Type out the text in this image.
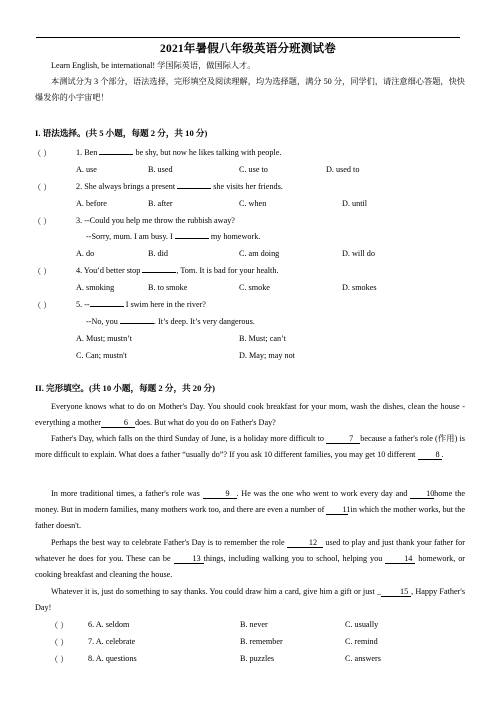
2021年暑假八年级英语分班测试卷
Learn English, be international! 学国际英语，做国际人才。
本测试分为 3 个部分，语法选择，完形填空及阅读理解，均为选择题，满分 50 分，同学们，请注意细心答题，快快爆发你的小宇宙吧！
I. 语法选择。(共 5 小题，每题 2 分，共 10 分)
（ ）	1. Ben	be shy, but now he likes talking with people.
A. use	B. used	C. use to	D. used to
（ ）	2. She always brings a present	she visits her friends.
A. before	B. after	C. when	D. until
（ ）	3. --Could you help me throw the rubbish away?
--Sorry, mum. I am busy. I	my homework.
A. do	B. did	C. am doing	D. will do
（ ）	4. You’d better stop	, Tom. It is bad for your health.
A. smoking	B. to smoke	C. smoke	D. smokes
（ ）	5. --	I swim here in the river?
--No, you	. It’s deep. It’s very dangerous.
A. Must; mustn’t	B. Must; can’t
C. Can; mustn't	D. May; may not
II. 完形填空。(共 10 小题，每题 2 分，共 20 分)
Everyone knows what to do on Mother's Day. You should cook breakfast for your mom, wash the dishes, clean the house - everything a mother	6 does. But what do you do on Father's Day?
Father's Day, which falls on the third Sunday of June, is a holiday more difficult to	7 because a father's role (作用) is more difficult to explain. What does a father “usually do”? If you ask 10 different families, you may get 10 different 8 .
In more traditional times, a father's role was	9 . He was the one who went to work every day and 10home the money. But in modern families, many mothers work too, and there are even a number of 11 in which the mother works, but the father doesn't.
Perhaps the best way to celebrate Father's Day is to remember the role	12 used to play and just thank your father for whatever he does for you. These can be	13 things, including walking you to school, helping you	14 homework, or cooking breakfast and cleaning the house.
Whatever it is, just do something to say thanks. You could draw him a card, give him a gift or just _ 15 , Happy Father's Day!
（ ） 6. A. seldom	B. never	C. usually
（ ） 7. A. celebrate	B. remember	C. remind
（ ） 8. A. questions	B. puzzles	C. answers
